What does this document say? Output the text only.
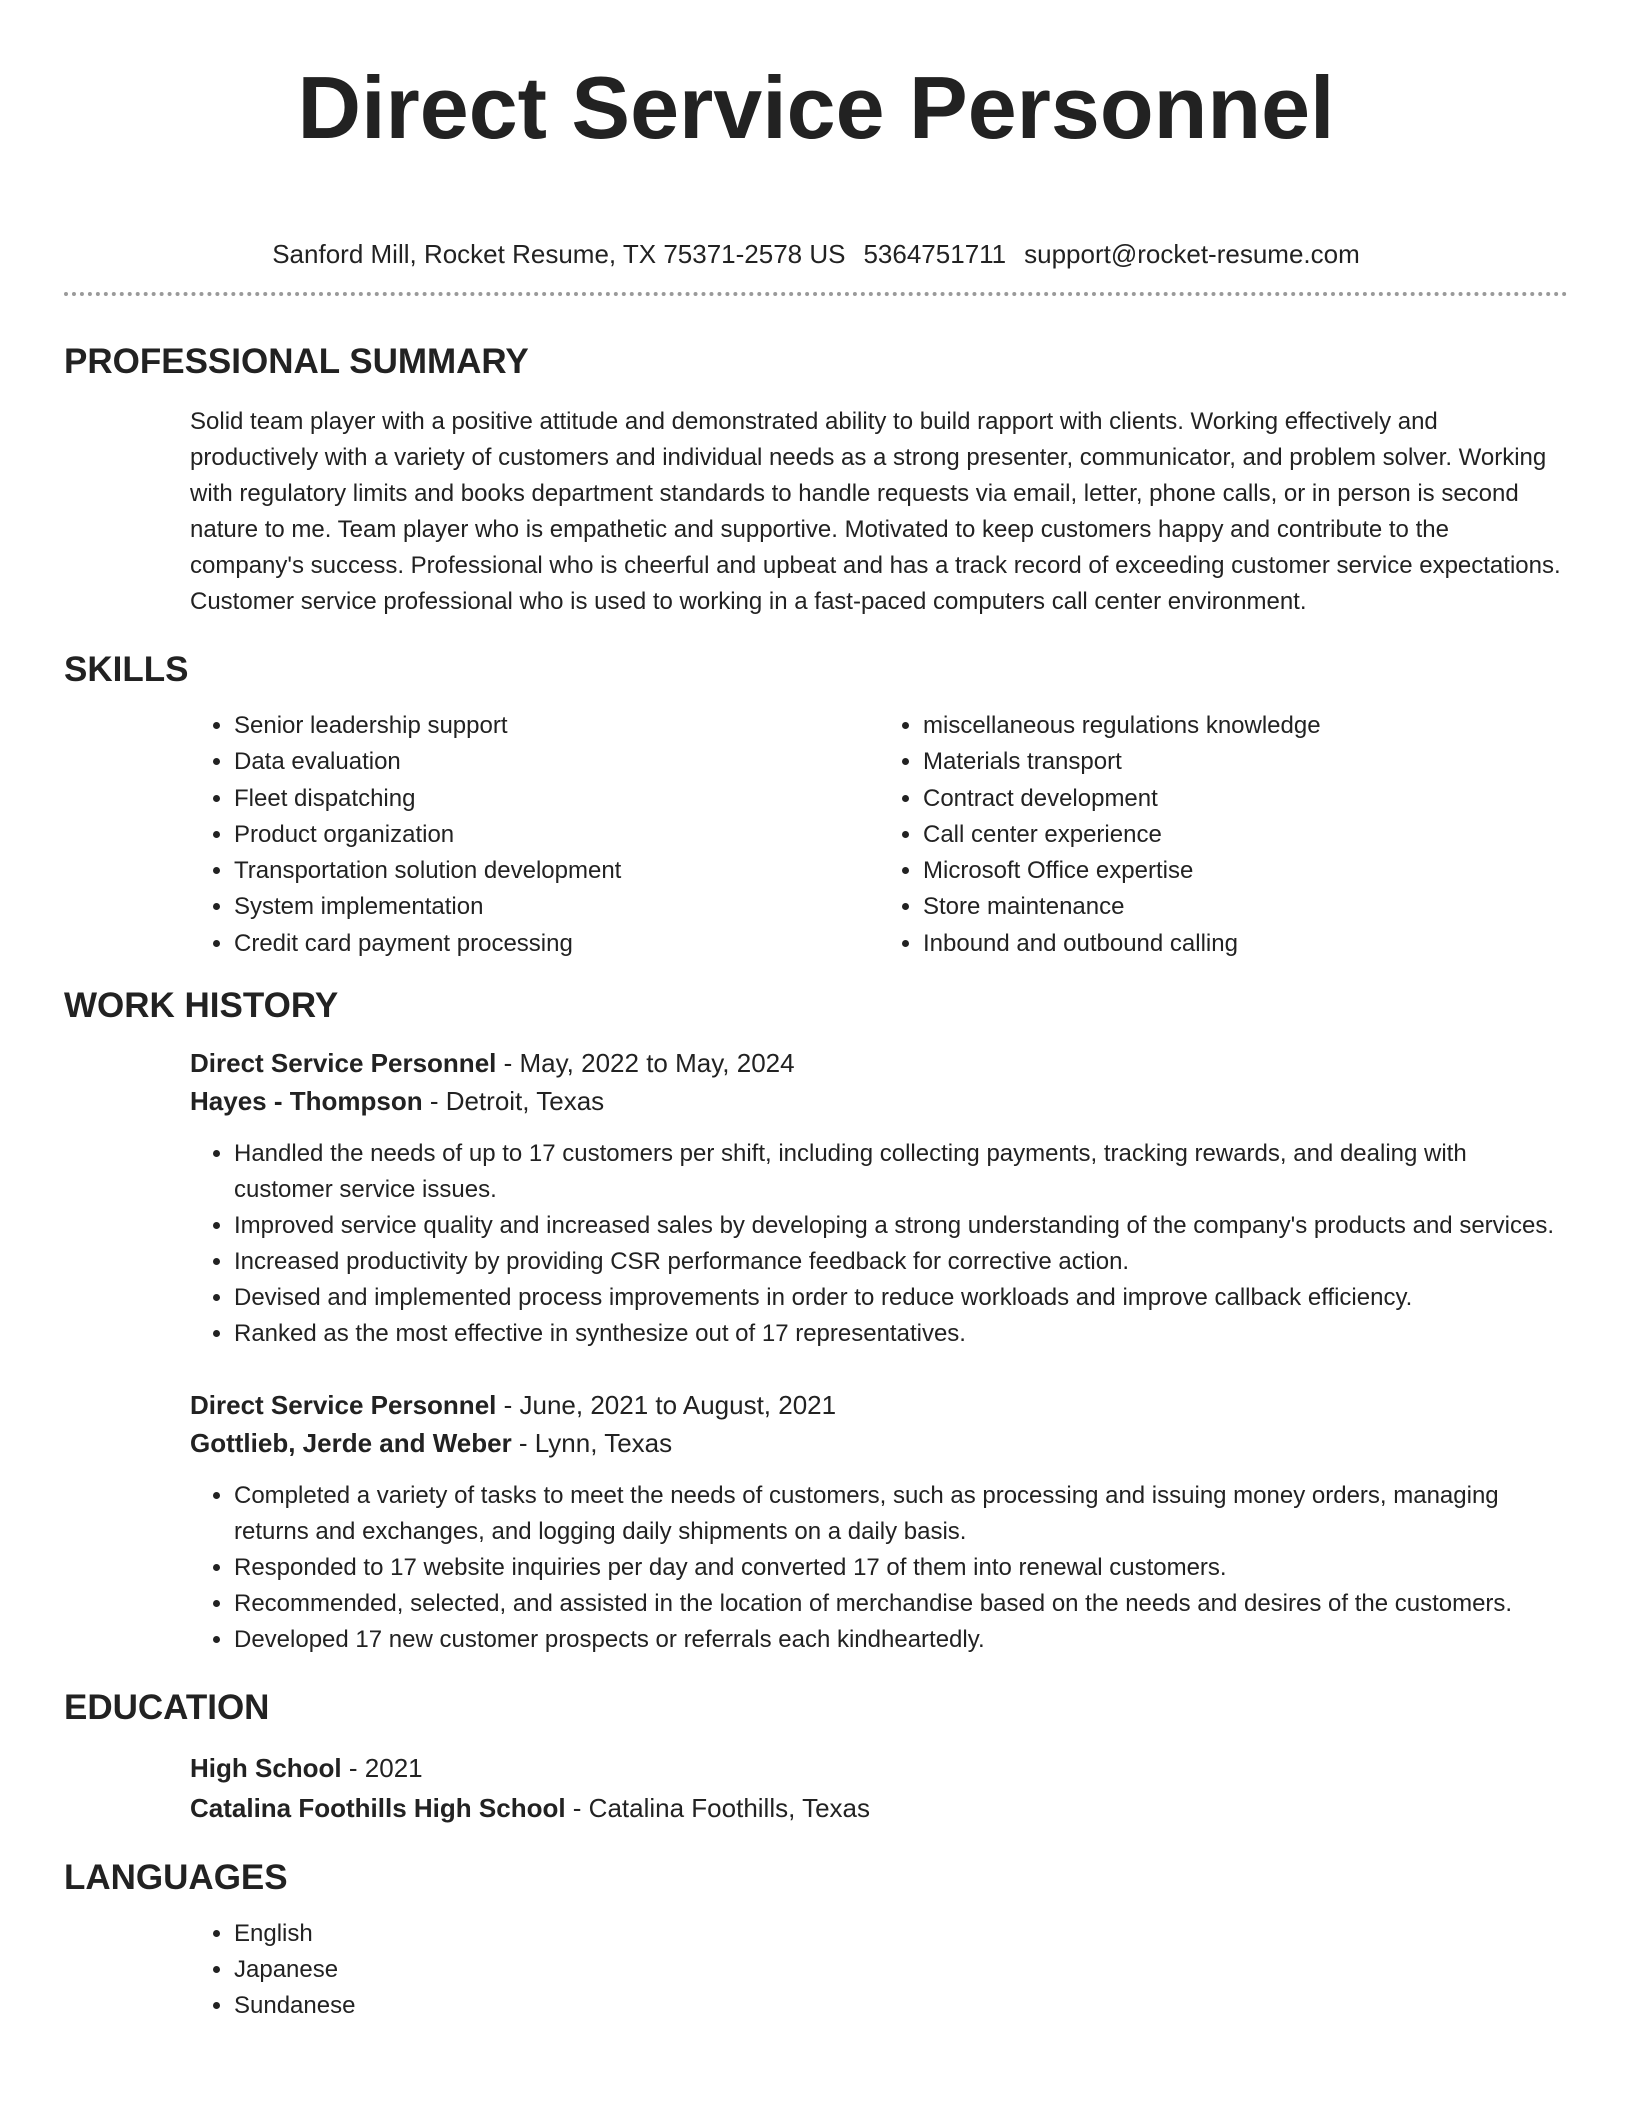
Direct Service Personnel
Sanford Mill, Rocket Resume, TX 75371-2578 US 5364751711 support@rocket-resume.com
PROFESSIONAL SUMMARY

Solid team player with a positive attitude and demonstrated ability to build rapport with clients. Working effectively and productively with a variety of customers and individual needs as a strong presenter, communicator, and problem solver. Working with regulatory limits and books department standards to handle requests via email, letter, phone calls, or in person is second nature to me. Team player who is empathetic and supportive. Motivated to keep customers happy and contribute to the company's success. Professional who is cheerful and upbeat and has a track record of exceeding customer service expectations. Customer service professional who is used to working in a fast-paced computers call center environment.

SKILLS
• Senior leadership support
• Data evaluation
• Fleet dispatching
• Product organization
• Transportation solution development
• System implementation
• Credit card payment processing
• miscellaneous regulations knowledge
• Materials transport
• Contract development
• Call center experience
• Microsoft Office expertise
• Store maintenance
• Inbound and outbound calling
WORK HISTORY
Direct Service Personnel - May, 2022 to May, 2024
Hayes - Thompson - Detroit, Texas
• Handled the needs of up to 17 customers per shift, including collecting payments, tracking rewards, and dealing with customer service issues.
• Improved service quality and increased sales by developing a strong understanding of the company's products and services.
• Increased productivity by providing CSR performance feedback for corrective action.
• Devised and implemented process improvements in order to reduce workloads and improve callback efficiency.
• Ranked as the most effective in synthesize out of 17 representatives.
Direct Service Personnel - June, 2021 to August, 2021
Gottlieb, Jerde and Weber - Lynn, Texas
• Completed a variety of tasks to meet the needs of customers, such as processing and issuing money orders, managing returns and exchanges, and logging daily shipments on a daily basis.
• Responded to 17 website inquiries per day and converted 17 of them into renewal customers.
• Recommended, selected, and assisted in the location of merchandise based on the needs and desires of the customers.
• Developed 17 new customer prospects or referrals each kindheartedly.
EDUCATION
High School - 2021
Catalina Foothills High School - Catalina Foothills, Texas
LANGUAGES
• English
• Japanese
• Sundanese
